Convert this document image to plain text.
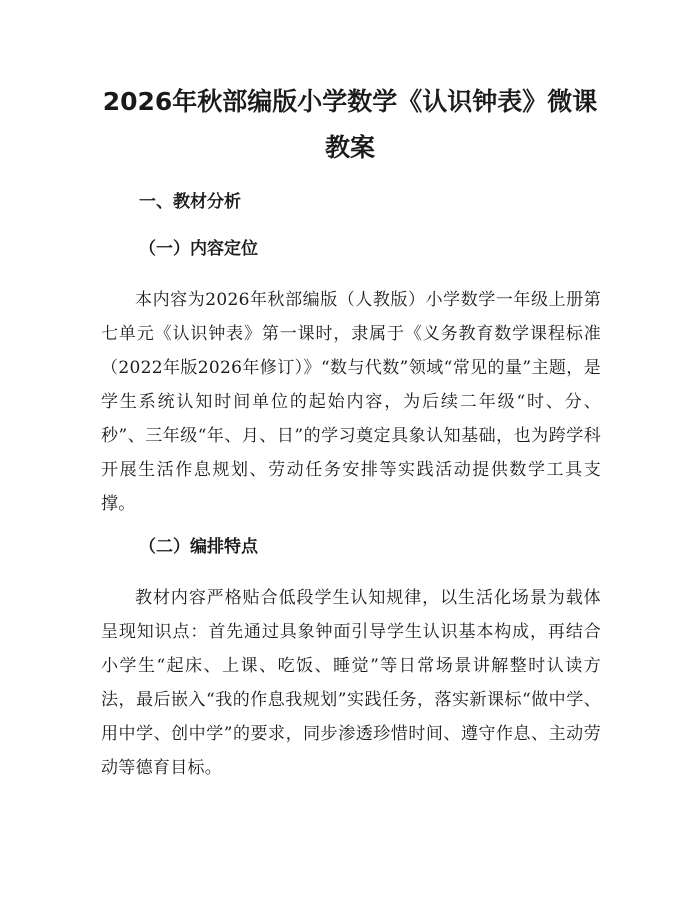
2026年秋部编版小学数学《认识钟表》微课
教案
一、教材分析
（一）内容定位

本内容为2026年秋部编版（人教版）小学数学一年级上册第七单元《认识钟表》第一课时，隶属于《义务教育数学课程标准（2022年版2026年修订）》“数与代数”领域“常见的量”主题，是学生系统认知时间单位的起始内容，为后续二年级“时、分、秒”、三年级“年、月、日”的学习奠定具象认知基础，也为跨学科开展生活作息规划、劳动任务安排等实践活动提供数学工具支撑。

（二）编排特点

教材内容严格贴合低段学生认知规律，以生活化场景为载体呈现知识点：首先通过具象钟面引导学生认识基本构成，再结合小学生“起床、上课、吃饭、睡觉”等日常场景讲解整时认读方法，最后嵌入“我的作息我规划”实践任务，落实新课标“做中学、用中学、创中学”的要求，同步渗透珍惜时间、遵守作息、主动劳动等德育目标。
